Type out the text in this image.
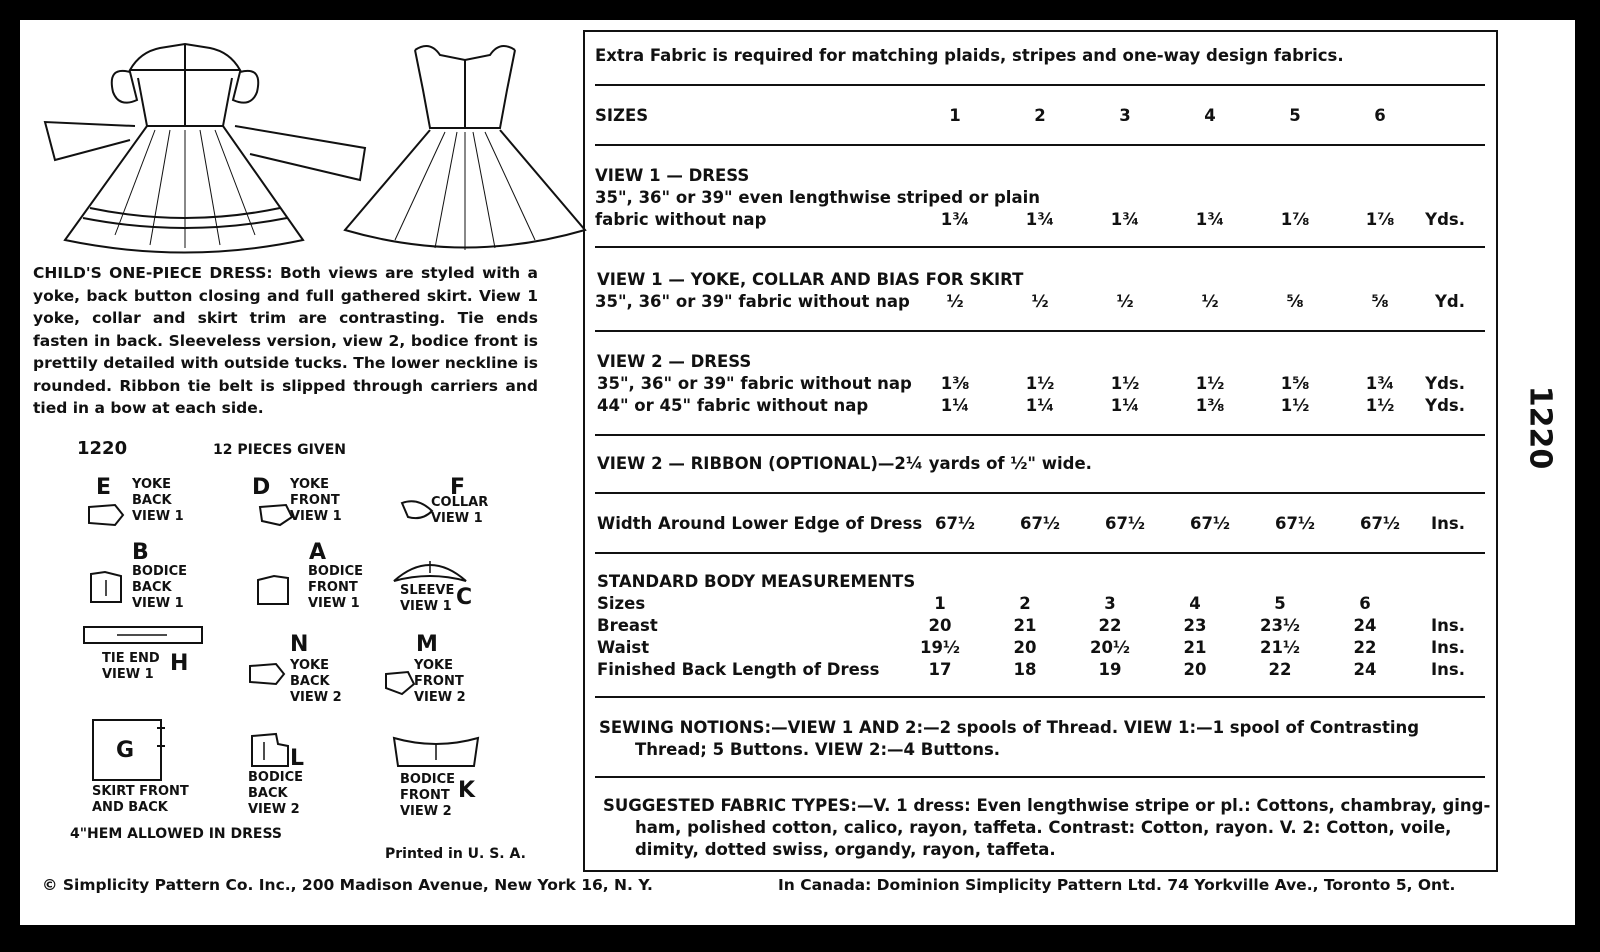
CHILD'S ONE-PIECE DRESS: Both views are styled with a yoke, back button closing and full gathered skirt. View 1 yoke, collar and skirt trim are contrasting. Tie ends fasten in back. Sleeveless version, view 2, bodice front is prettily detailed with outside tucks. The lower neckline is rounded. Ribbon tie belt is slipped through carriers and tied in a bow at each side.

1220	12 PIECES GIVEN
E YOKE
BACK
VIEW 1
D YOKE
FRONT
VIEW 1
F
COLLAR
VIEW 1
B
BODICE
BACK
VIEW 1
A
BODICE
FRONT
VIEW 1
SLEEVE
VIEW 1 C
TIE END
VIEW 1 H
N
YOKE
BACK
VIEW 2
M
YOKE
FRONT
VIEW 2
G
SKIRT FRONT
AND BACK
L
BODICE
BACK
VIEW 2
BODICE
FRONT
VIEW 2
K
4"HEM ALLOWED IN DRESS
Printed in U. S. A.
© Simplicity Pattern Co. Inc., 200 Madison Avenue, New York 16, N. Y.	In Canada: Dominion Simplicity Pattern Ltd. 74 Yorkville Ave., Toronto 5, Ont.
Extra Fabric is required for matching plaids, stripes and one-way design fabrics.
SIZES	1	2	3	4	5	6
VIEW 1 — DRESS
35", 36" or 39" even lengthwise striped or plain
fabric without nap	1¾	1¾	1¾	1¾	1⅞	1⅞	Yds.
VIEW 1 — YOKE, COLLAR AND BIAS FOR SKIRT
35", 36" or 39" fabric without nap	½	½	½	½	⅝	⅝	Yd.
VIEW 2 — DRESS
35", 36" or 39" fabric without nap	1⅜	1½	1½	1½	1⅝	1¾	Yds.
44" or 45" fabric without nap	1¼	1¼	1¼	1⅜	1½	1½	Yds.
VIEW 2 — RIBBON (OPTIONAL)—2¼ yards of ½" wide.
Width Around Lower Edge of Dress 67½	67½	67½	67½	67½	67½	Ins.
STANDARD BODY MEASUREMENTS
Sizes	1	2	3	4	5	6
Breast	20	21	22	23	23½	24	Ins.
Waist	19½	20	20½	21	21½	22	Ins.
Finished Back Length of Dress	17	18	19	20	22	24	Ins.
SEWING NOTIONS:—VIEW 1 AND 2:—2 spools of Thread. VIEW 1:—1 spool of Contrasting
Thread; 5 Buttons. VIEW 2:—4 Buttons.
SUGGESTED FABRIC TYPES:—V. 1 dress: Even lengthwise stripe or pl.: Cottons, chambray, ging-
ham, polished cotton, calico, rayon, taffeta. Contrast: Cotton, rayon. V. 2: Cotton, voile,
dimity, dotted swiss, organdy, rayon, taffeta.
1220
